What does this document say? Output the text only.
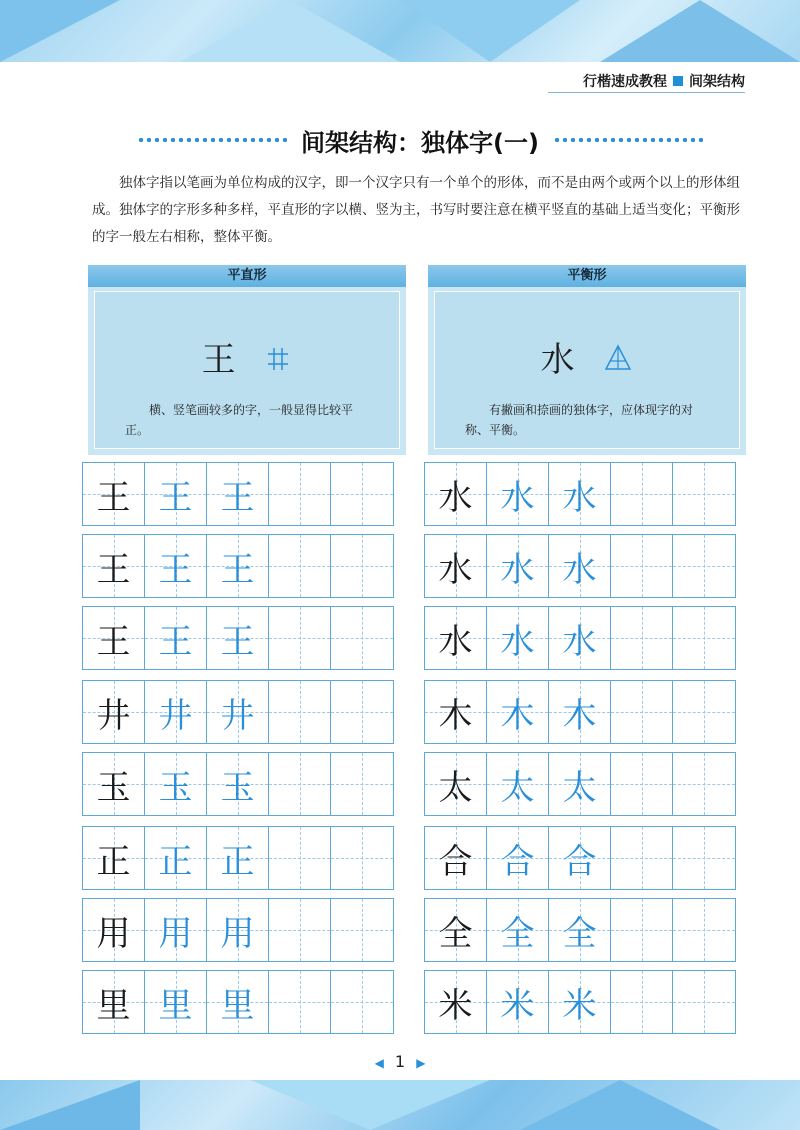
行楷速成教程 间架结构
间架结构：独体字(一)
独体字指以笔画为单位构成的汉字，即一个汉字只有一个单个的形体，而不是由两个或两个以上的形体组成。独体字的字形多种多样，平直形的字以横、竖为主，书写时要注意在横平竖直的基础上适当变化；平衡形的字一般左右相称，整体平衡。
平直形
王
横、竖笔画较多的字，一般显得比较平正。
平衡形
水
有撇画和捺画的独体字，应体现字的对称、平衡。
王 王 王
王 王 王
王 王 王
井 井 井
玉 玉 玉
正 正 正
用 用 用
里 里 里
水 水 水
水 水 水
水 水 水
木 木 木
太 太 太
合 合 合
全 全 全
米 米 米
◀ 1 ▶
